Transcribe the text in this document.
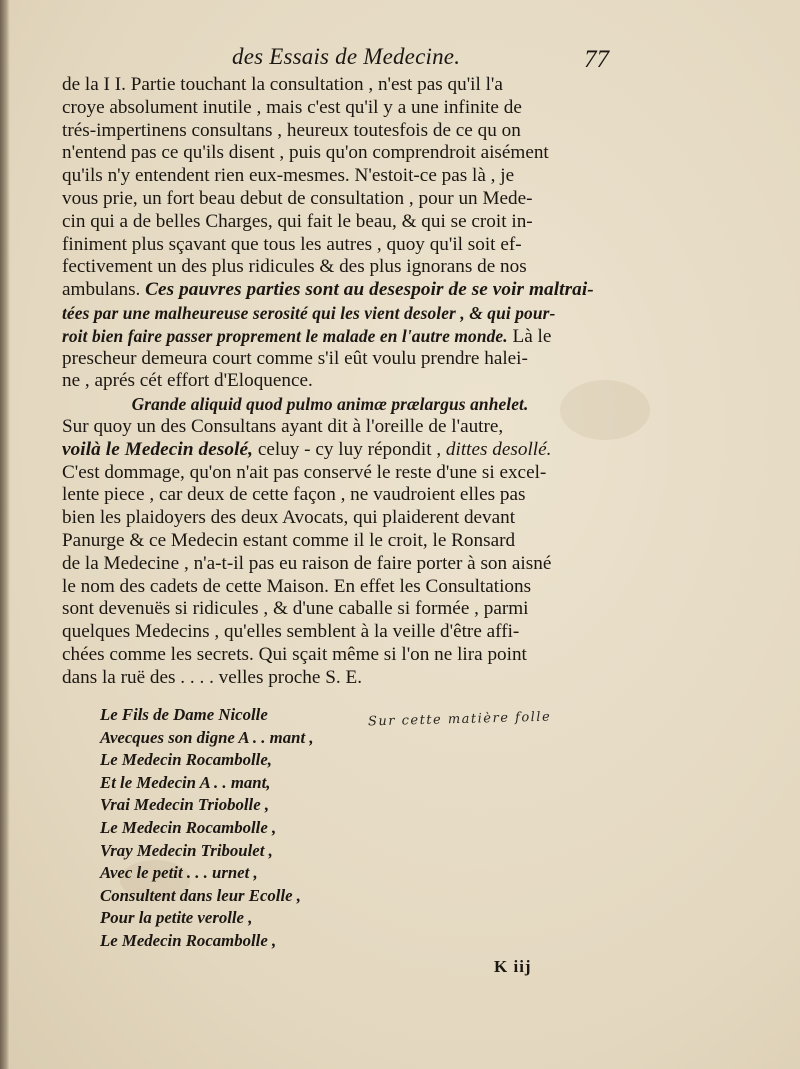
des Essais de Medecine.	77
de la I I. Partie touchant la consultation , n'est pas qu'il l'a
croye absolument inutile , mais c'est qu'il y a une infinite de
trés-impertinens consultans , heureux toutesfois de ce qu on
n'entend pas ce qu'ils disent , puis qu'on comprendroit aisément
qu'ils n'y entendent rien eux-mesmes. N'estoit-ce pas là , je
vous prie, un fort beau debut de consultation , pour un Mede-
cin qui a de belles Charges, qui fait le beau, & qui se croit in-
finiment plus sçavant que tous les autres , quoy qu'il soit ef-
fectivement un des plus ridicules & des plus ignorans de nos
ambulans. Ces pauvres parties sont au desespoir de se voir maltrai-
tées par une malheureuse serosité qui les vient desoler , & qui pour-
roit bien faire passer proprement le malade en l'autre monde. Là le
prescheur demeura court comme s'il eût voulu prendre halei-
ne , aprés cét effort d'Eloquence.
Grande aliquid quod pulmo animæ prælargus anhelet.
Sur quoy un des Consultans ayant dit à l'oreille de l'autre,
voilà le Medecin desolé, celuy - cy luy répondit , dittes desollé.
C'est dommage, qu'on n'ait pas conservé le reste d'une si excel-
lente piece , car deux de cette façon , ne vaudroient elles pas
bien les plaidoyers des deux Avocats, qui plaiderent devant
Panurge & ce Medecin estant comme il le croit, le Ronsard
de la Medecine , n'a-t-il pas eu raison de faire porter à son aisné
le nom des cadets de cette Maison. En effet les Consultations
sont devenuës si ridicules , & d'une caballe si formée , parmi
quelques Medecins , qu'elles semblent à la veille d'être affi-
chées comme les secrets. Qui sçait même si l'on ne lira point
dans la ruë des . . . . velles proche S. E.
Le Fils de Dame Nicolle
Avecques son digne A . . mant ,
Le Medecin Rocambolle,
Et le Medecin A . . mant,
Vrai Medecin Triobolle ,
Le Medecin Rocambolle ,
Vray Medecin Triboulet ,
Avec le petit . . . urnet ,
Consultent dans leur Ecolle ,
Pour la petite verolle ,
Le Medecin Rocambolle ,
Sur cette matière folle
K iij
